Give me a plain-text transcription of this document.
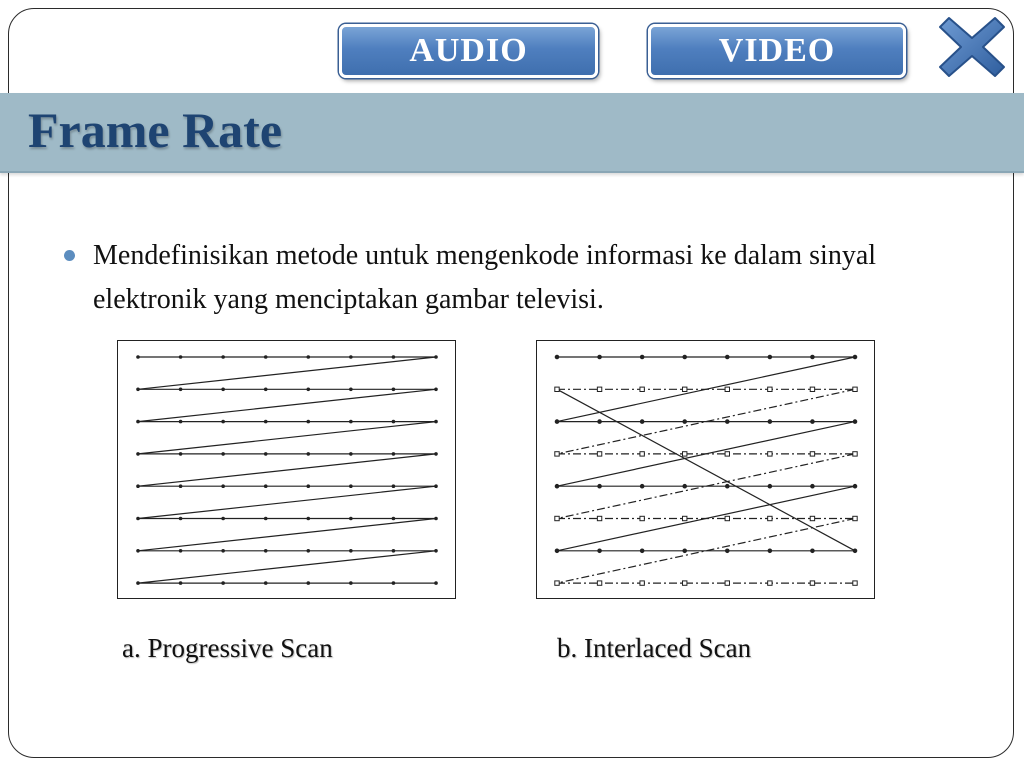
AUDIO	VIDEO
Frame Rate

Mendefinisikan metode untuk mengenkode informasi ke dalam sinyal elektronik yang menciptakan gambar televisi.

a. Progressive Scan	b. Interlaced Scan
